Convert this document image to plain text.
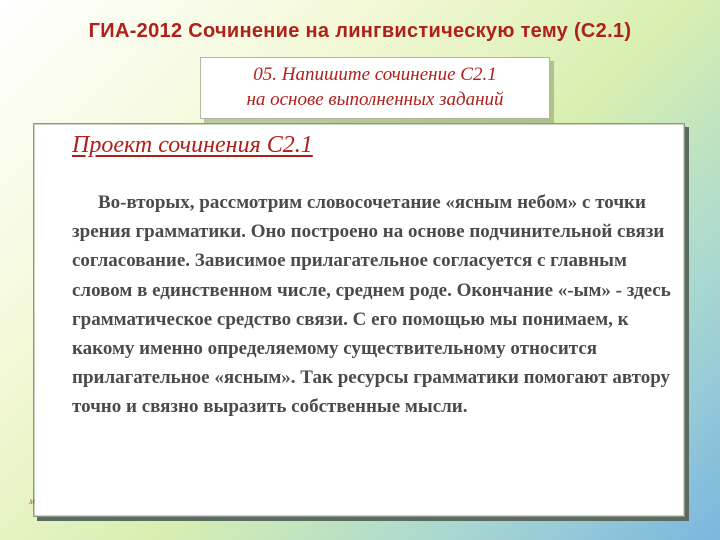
ГИА-2012 Сочинение на лингвистическую тему (С2.1)
05. Напишите сочинение С2.1
на основе выполненных заданий
Проект сочинения С2.1

Во-вторых, рассмотрим словосочетание «ясным небом» с точки зрения грамматики. Оно построено на основе подчинительной связи согласование. Зависимое прилагательное согласуется с главным словом в единственном числе, среднем роде. Окончание «-ым» - здесь грамматическое средство связи. С его помощью мы понимаем, к какому именно определяемому существительному относится прилагательное «ясным». Так ресурсы грамматики помогают автору точно и связно выразить собственные мысли.

м
